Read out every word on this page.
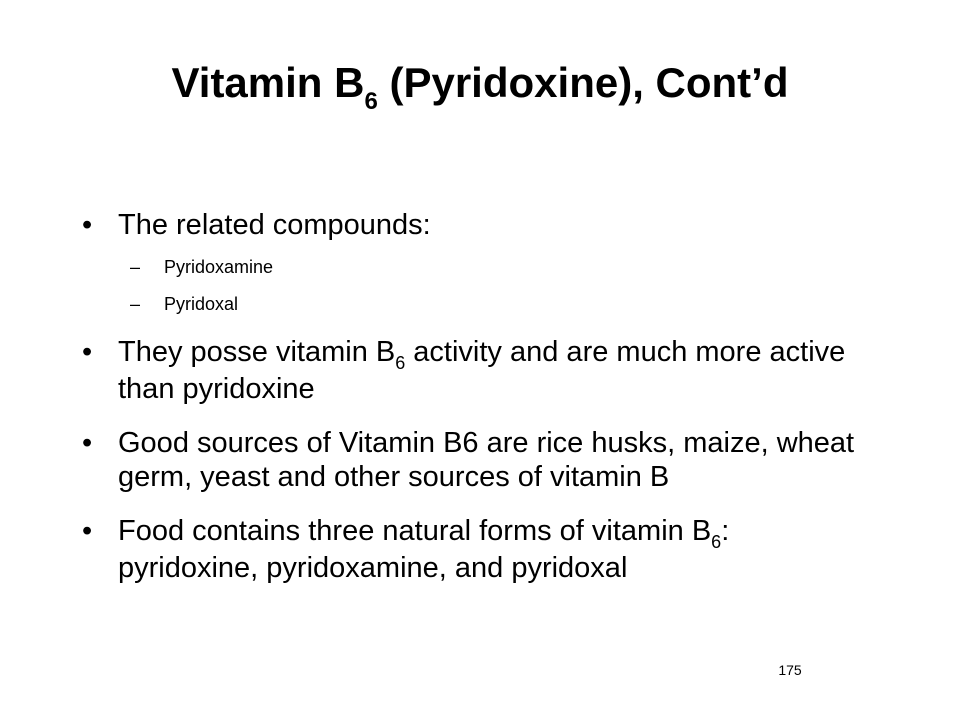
Vitamin $B_6$ (Pyridoxine), Cont’d
• The related compounds:
– Pyridoxamine
– Pyridoxal
• They posse vitamin $B_6$ activity and are much more active than pyridoxine
• Good sources of Vitamin B6 are rice husks, maize, wheat germ, yeast and other sources of vitamin B
• Food contains three natural forms of vitamin $B_6$: pyridoxine, pyridoxamine, and pyridoxal
175
